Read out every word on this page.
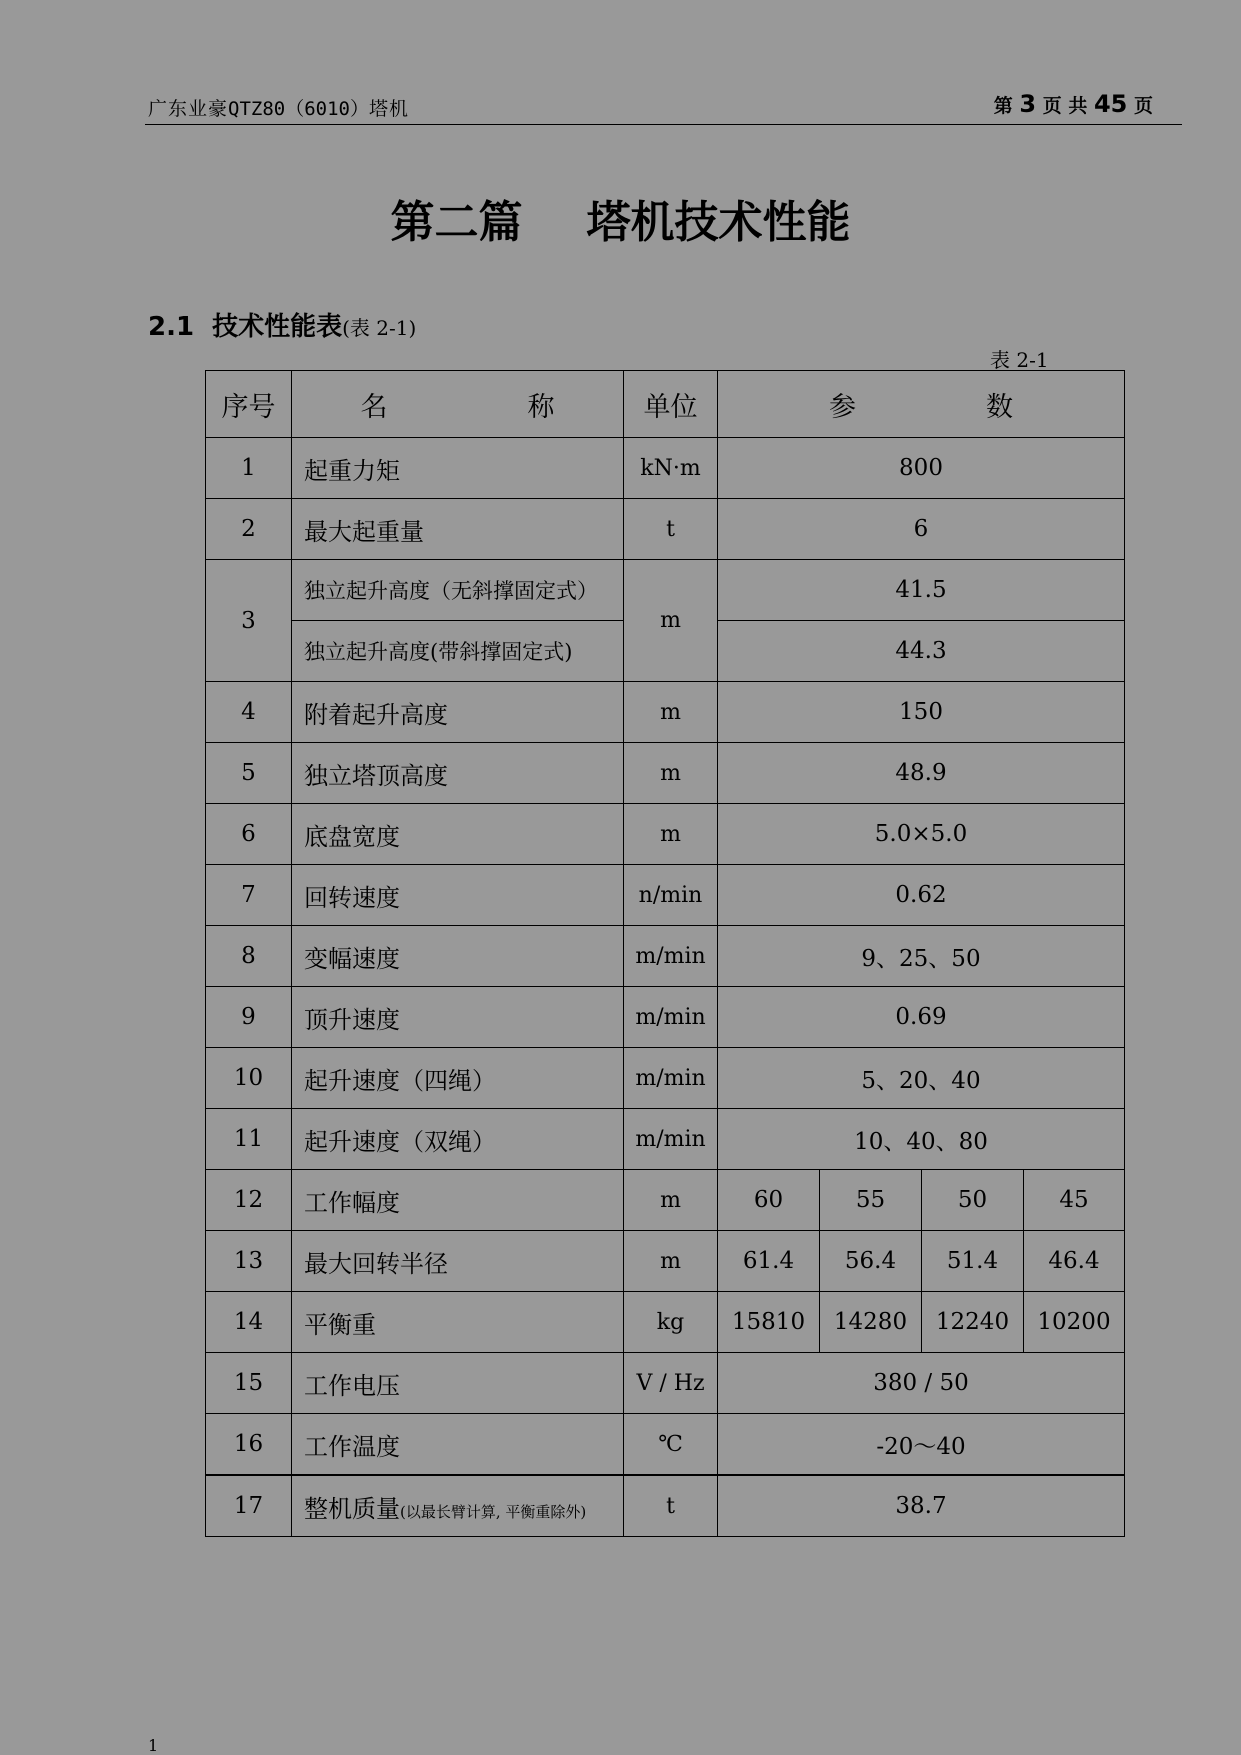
广东业豪QTZ80（6010）塔机	第 3 页 共 45 页
第二篇 塔机技术性能
2.1 技术性能表(表 2-1)
表 2-1
序号	名 称	单位	参 数			
1	起重力矩	kN·m	800			
2	最大起重量	t	6			
3	独立起升高度（无斜撑固定式）	m	41.5			
	独立起升高度(带斜撑固定式)		44.3			
4	附着起升高度	m	150			
5	独立塔顶高度	m	48.9			
6	底盘宽度	m	5.0×5.0			
7	回转速度	n/min	0.62			
8	变幅速度	m/min	9、25、50			
9	顶升速度	m/min	0.69			
10	起升速度（四绳）	m/min	5、20、40			
11	起升速度（双绳）	m/min	10、40、80			
12	工作幅度	m	60	55	50	45
13	最大回转半径	m	61.4	56.4	51.4	46.4
14	平衡重	kg	15810	14280	12240	10200
15	工作电压	V / Hz	380 / 50			
16	工作温度	℃	-20～40			
17	整机质量(以最长臂计算, 平衡重除外)	t	38.7			
1
